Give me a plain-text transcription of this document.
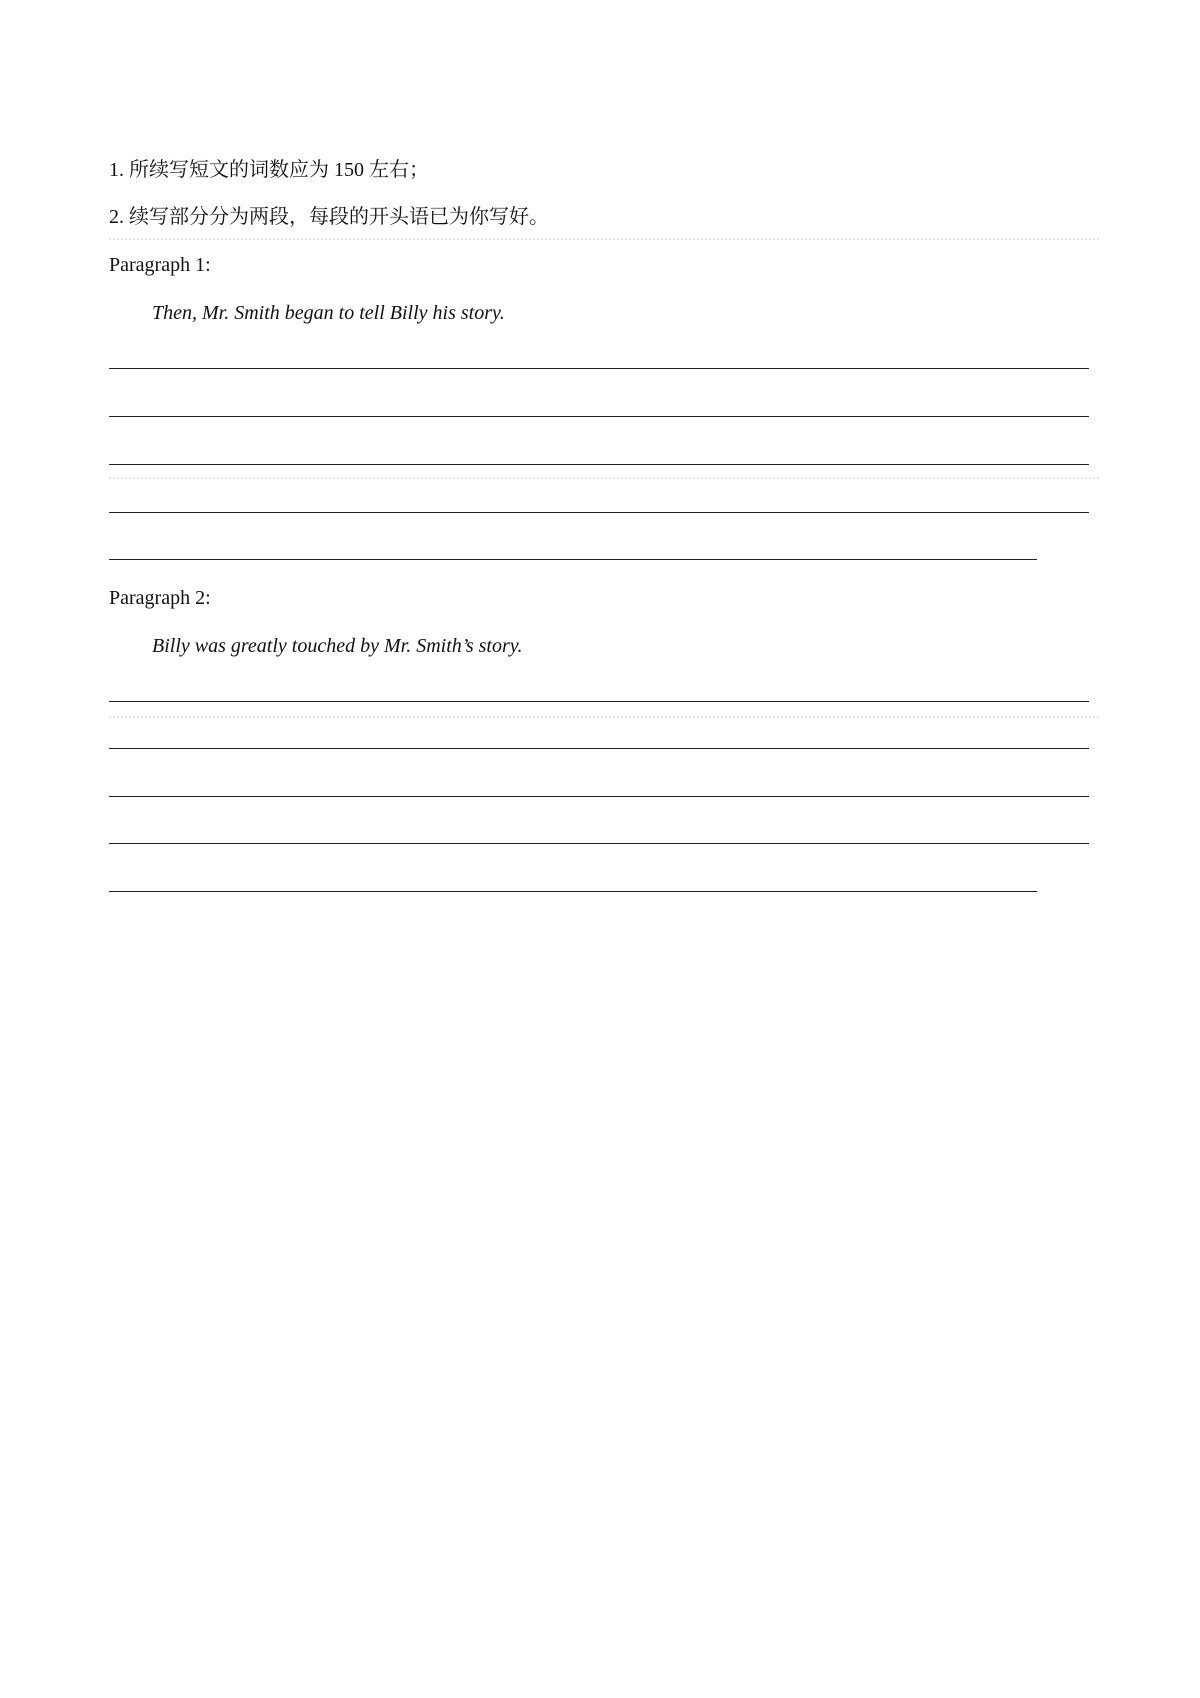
1. 所续写短文的词数应为 150 左右；
2. 续写部分分为两段，每段的开头语已为你写好。
Paragraph 1:
Then, Mr. Smith began to tell Billy his story.
Paragraph 2:
Billy was greatly touched by Mr. Smith’s story.
